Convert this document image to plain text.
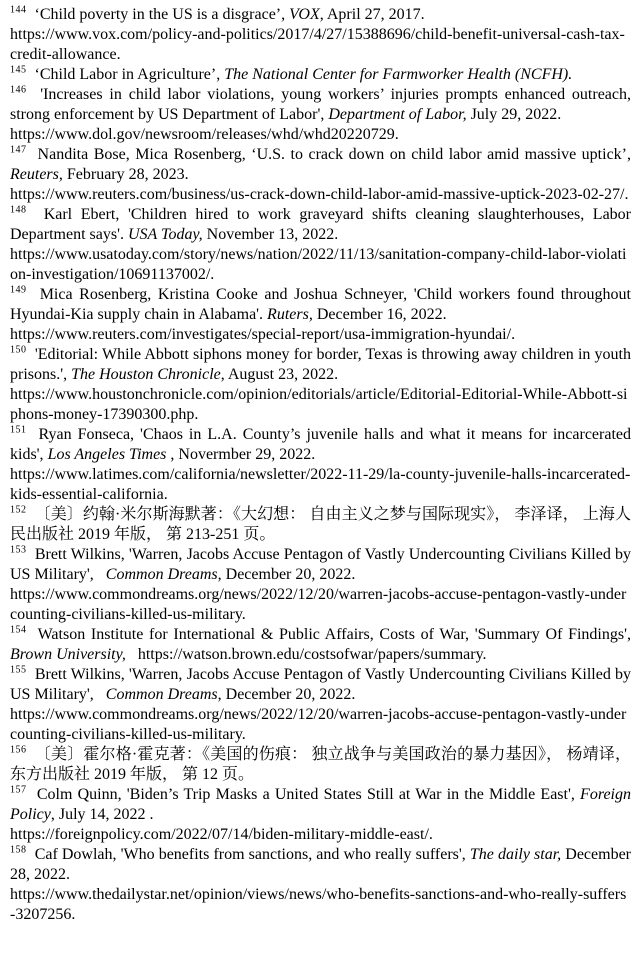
$^{144}$ ‘Child poverty in the US is a disgrace’, VOX, April 27, 2017.
https://www.vox.com/policy-and-politics/2017/4/27/15388696/child-benefit-universal-cash-tax-credit-allowance.

$^{145}$ ‘Child Labor in Agriculture’, The National Center for Farmworker Health (NCFH).

$^{146}$ 'Increases in child labor violations, young workers’ injuries prompts enhanced outreach, strong enforcement by US Department of Labor', Department of Labor, July 29, 2022.
https://www.dol.gov/newsroom/releases/whd/whd20220729.

$^{147}$ Nandita Bose, Mica Rosenberg, ‘U.S. to crack down on child labor amid massive uptick’, Reuters, February 28, 2023.
https://www.reuters.com/business/us-crack-down-child-labor-amid-massive-uptick-2023-02-27/.

$^{148}$ Karl Ebert, 'Children hired to work graveyard shifts cleaning slaughterhouses, Labor Department says'. USA Today, November 13, 2022.
https://www.usatoday.com/story/news/nation/2022/11/13/sanitation-company-child-labor-violation-investigation/10691137002/.

$^{149}$ Mica Rosenberg, Kristina Cooke and Joshua Schneyer, 'Child workers found throughout Hyundai-Kia supply chain in Alabama'. Ruters, December 16, 2022.
https://www.reuters.com/investigates/special-report/usa-immigration-hyundai/.

$^{150}$ 'Editorial: While Abbott siphons money for border, Texas is throwing away children in youth prisons.', The Houston Chronicle, August 23, 2022.
https://www.houstonchronicle.com/opinion/editorials/article/Editorial-Editorial-While-Abbott-siphons-money-17390300.php.

$^{151}$ Ryan Fonseca, 'Chaos in L.A. County’s juvenile halls and what it means for incarcerated kids', Los Angeles Times , Novermber 29, 2022.
https://www.latimes.com/california/newsletter/2022-11-29/la-county-juvenile-halls-incarcerated-kids-essential-california.

$^{152}$ 〔美〕约翰·米尔斯海默著：《大幻想： 自由主义之梦与国际现实》， 李泽译， 上海人民出版社 2019 年版， 第 213-251 页。

$^{153}$ Brett Wilkins, 'Warren, Jacobs Accuse Pentagon of Vastly Undercounting Civilians Killed by US Military',   Common Dreams, December 20, 2022.
https://www.commondreams.org/news/2022/12/20/warren-jacobs-accuse-pentagon-vastly-undercounting-civilians-killed-us-military.

$^{154}$ Watson Institute for International & Public Affairs, Costs of War, 'Summary Of Findings', Brown University, https://watson.brown.edu/costsofwar/papers/summary.

$^{155}$ Brett Wilkins, 'Warren, Jacobs Accuse Pentagon of Vastly Undercounting Civilians Killed by US Military',   Common Dreams, December 20, 2022.
https://www.commondreams.org/news/2022/12/20/warren-jacobs-accuse-pentagon-vastly-undercounting-civilians-killed-us-military.

$^{156}$ 〔美〕霍尔格·霍克著：《美国的伤痕： 独立战争与美国政治的暴力基因》， 杨靖译， 东方出版社 2019 年版， 第 12 页。

$^{157}$ Colm Quinn, 'Biden’s Trip Masks a United States Still at War in the Middle East', Foreign Policy, July 14, 2022 .
https://foreignpolicy.com/2022/07/14/biden-military-middle-east/.

$^{158}$ Caf Dowlah, 'Who benefits from sanctions, and who really suffers', The daily star, December 28, 2022.
https://www.thedailystar.net/opinion/views/news/who-benefits-sanctions-and-who-really-suffers-3207256.
